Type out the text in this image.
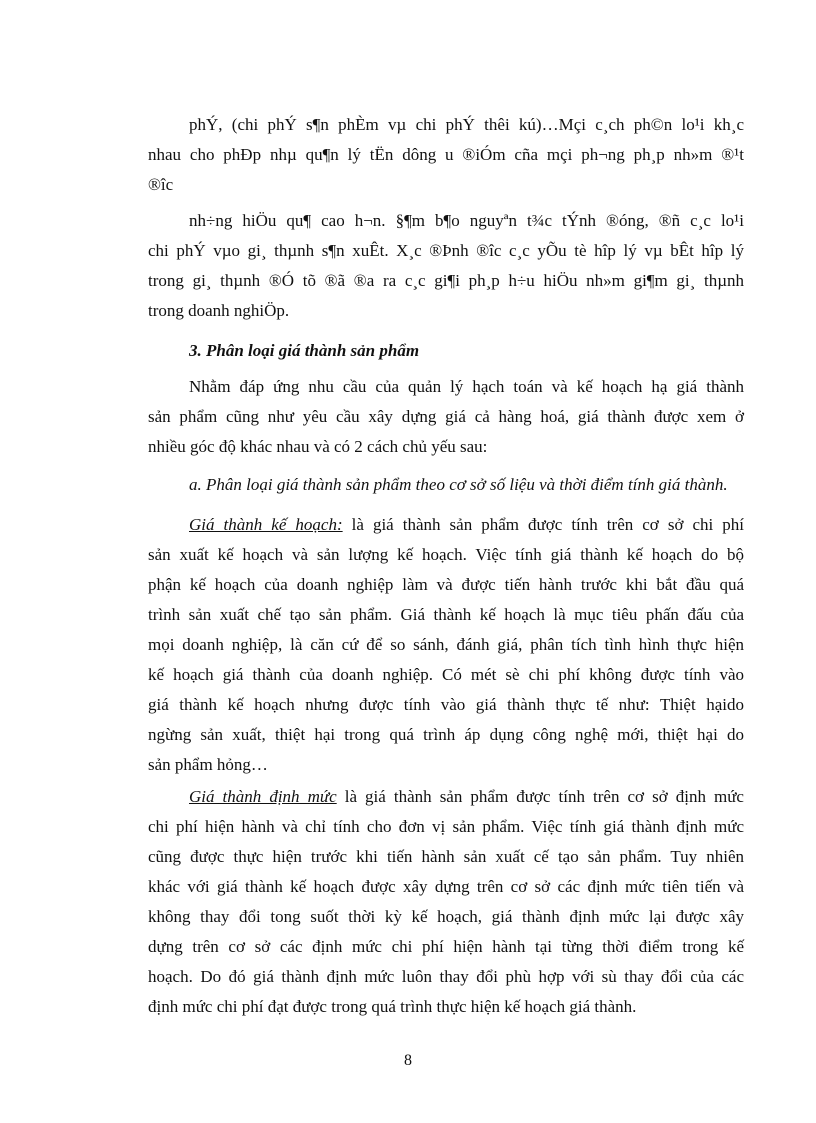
phÝ, (chi phÝ s¶n phÈm vµ chi phÝ thêi kú)…Mçi c¸ch ph©n lo¹i kh¸c
nhau cho phÐp nhµ qu¶n lý tËn dông u ®iÓm cña mçi ph¬ng ph¸p nh»m ®¹t
®îc
nh÷ng hiÖu qu¶ cao h¬n. §¶m b¶o nguyªn t¾c tÝnh ®óng, ®ñ c¸c lo¹i
chi phÝ vµo gi¸ thµnh s¶n xuÊt. X¸c ®Þnh ®îc c¸c yÕu tè hîp lý vµ bÊt hîp lý
trong gi¸ thµnh ®Ó tõ ®ã ®a ra c¸c gi¶i ph¸p h÷u hiÖu nh»m gi¶m gi¸ thµnh
trong doanh nghiÖp.
3. Phân loại giá thành sản phẩm
Nhằm đáp ứng nhu cầu của quản lý hạch toán và kế hoạch hạ giá thành
sản phẩm cũng như yêu cầu xây dựng giá cả hàng hoá, giá thành được xem ở
nhiều góc độ khác nhau và có 2 cách chủ yếu sau:
a. Phân loại giá thành sản phẩm theo cơ sở số liệu và thời điểm tính giá thành.
Giá thành kế hoạch: là giá thành sản phẩm được tính trên cơ sở chi phí
sản xuất kế hoạch và sản lượng kế hoạch. Việc tính giá thành kế hoạch do bộ
phận kế hoạch của doanh nghiệp làm và được tiến hành trước khi bắt đầu quá
trình sản xuất chế tạo sản phẩm. Giá thành kế hoạch là mục tiêu phấn đấu của
mọi doanh nghiệp, là căn cứ để so sánh, đánh giá, phân tích tình hình thực hiện
kế hoạch giá thành của doanh nghiệp. Có mét sè chi phí không được tính vào
giá thành kế hoạch nhưng được tính vào giá thành thực tế như: Thiệt hạido
ngừng sản xuất, thiệt hại trong quá trình áp dụng công nghệ mới, thiệt hại do
sản phẩm hỏng…
Giá thành định mức là giá thành sản phẩm được tính trên cơ sở định mức
chi phí hiện hành và chỉ tính cho đơn vị sản phẩm. Việc tính giá thành định mức
cũng được thực hiện trước khi tiến hành sản xuất cế tạo sản phẩm. Tuy nhiên
khác với giá thành kế hoạch được xây dựng trên cơ sở các định mức tiên tiến và
không thay đổi tong suốt thời kỳ kế hoạch, giá thành định mức lại được xây
dựng trên cơ sở các định mức chi phí hiện hành tại từng thời điểm trong kế
hoạch. Do đó giá thành định mức luôn thay đổi phù hợp với sù thay đổi của các
định mức chi phí đạt được trong quá trình thực hiện kế hoạch giá thành.
8
